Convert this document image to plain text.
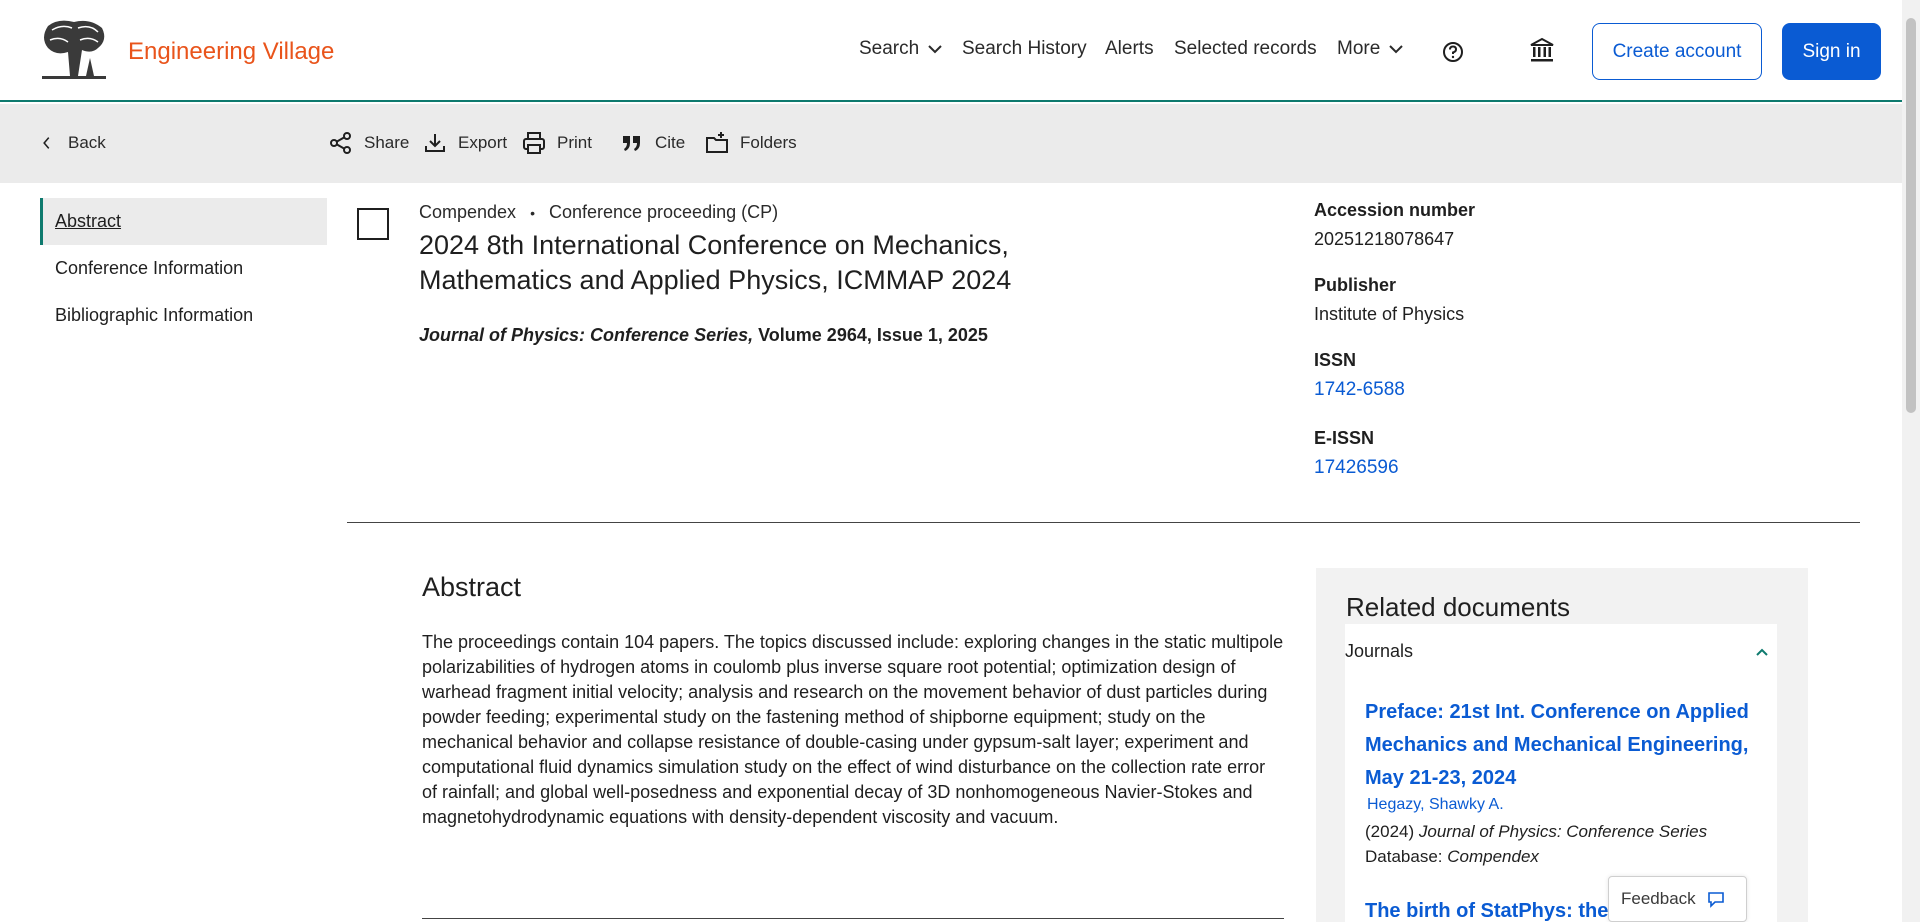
Engineering Village	Search Search History Alerts Selected records More	Create account	Sign in
Back	Share	Export	Print	Cite	Folders
Abstract
Conference Information
Bibliographic Information
Compendex • Conference proceeding (CP)
2024 8th International Conference on Mechanics, Mathematics and Applied Physics, ICMMAP 2024
Journal of Physics: Conference Series, Volume 2964, Issue 1, 2025
Accession number
20251218078647
Publisher
Institute of Physics
ISSN
1742-6588
E-ISSN
17426596
Abstract
The proceedings contain 104 papers. The topics discussed include: exploring changes in the static multipole polarizabilities of hydrogen atoms in coulomb plus inverse square root potential; optimization design of warhead fragment initial velocity; analysis and research on the movement behavior of dust particles during powder feeding; experimental study on the fastening method of shipborne equipment; study on the mechanical behavior and collapse resistance of double-casing under gypsum-salt layer; experiment and computational fluid dynamics simulation study on the effect of wind disturbance on the collection rate error of rainfall; and global well-posedness and exponential decay of 3D nonhomogeneous Navier-Stokes and magnetohydrodynamic equations with density-dependent viscosity and vacuum.
Related documents
Journals
Preface: 21st Int. Conference on Applied Mechanics and Mechanical Engineering, May 21-23, 2024
Hegazy, Shawky A.
(2024) Journal of Physics: Conference Series
Database: Compendex
The birth of StatPhys: the
Feedback
